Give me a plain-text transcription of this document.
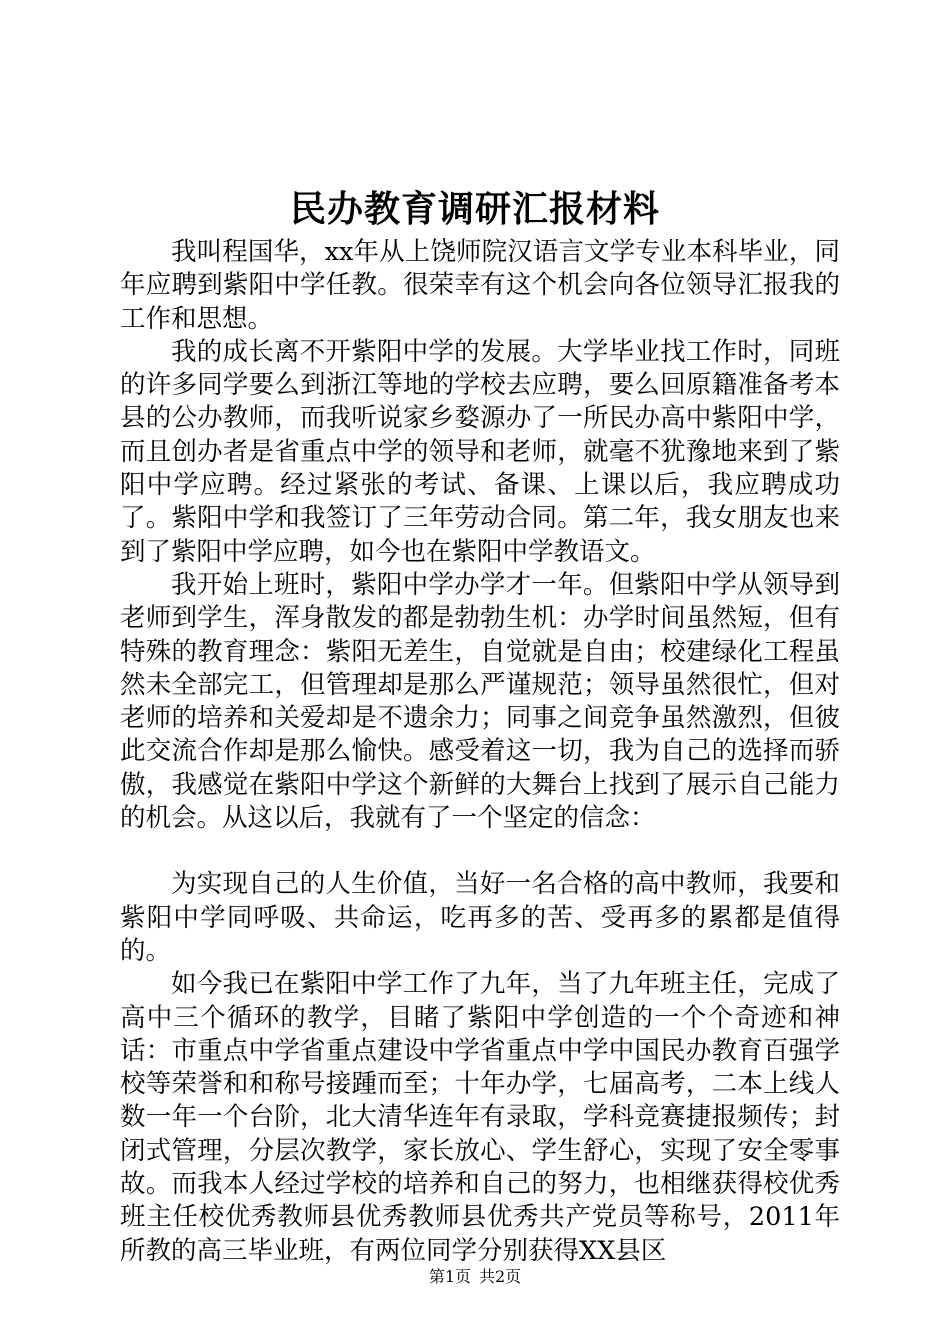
民办教育调研汇报材料

我叫程国华，xx年从上饶师院汉语言文学专业本科毕业，同年应聘到紫阳中学任教。很荣幸有这个机会向各位领导汇报我的工作和思想。

我的成长离不开紫阳中学的发展。大学毕业找工作时，同班的许多同学要么到浙江等地的学校去应聘，要么回原籍准备考本县的公办教师，而我听说家乡婺源办了一所民办高中紫阳中学，而且创办者是省重点中学的领导和老师，就毫不犹豫地来到了紫阳中学应聘。经过紧张的考试、备课、上课以后，我应聘成功了。紫阳中学和我签订了三年劳动合同。第二年，我女朋友也来到了紫阳中学应聘，如今也在紫阳中学教语文。

我开始上班时，紫阳中学办学才一年。但紫阳中学从领导到老师到学生，浑身散发的都是勃勃生机：办学时间虽然短，但有特殊的教育理念：紫阳无差生，自觉就是自由；校建绿化工程虽然未全部完工，但管理却是那么严谨规范；领导虽然很忙，但对老师的培养和关爱却是不遗余力；同事之间竞争虽然激烈，但彼此交流合作却是那么愉快。感受着这一切，我为自己的选择而骄傲，我感觉在紫阳中学这个新鲜的大舞台上找到了展示自己能力的机会。从这以后，我就有了一个坚定的信念：

为实现自己的人生价值，当好一名合格的高中教师，我要和紫阳中学同呼吸、共命运，吃再多的苦、受再多的累都是值得的。

如今我已在紫阳中学工作了九年，当了九年班主任，完成了高中三个循环的教学，目睹了紫阳中学创造的一个个奇迹和神话：市重点中学省重点建设中学省重点中学中国民办教育百强学校等荣誉和和称号接踵而至；十年办学，七届高考，二本上线人数一年一个台阶，北大清华连年有录取，学科竞赛捷报频传；封闭式管理，分层次教学，家长放心、学生舒心，实现了安全零事故。而我本人经过学校的培养和自己的努力，也相继获得校优秀班主任校优秀教师县优秀教师县优秀共产党员等称号，2011年所教的高三毕业班，有两位同学分别获得XX县区

第1页 共2页
